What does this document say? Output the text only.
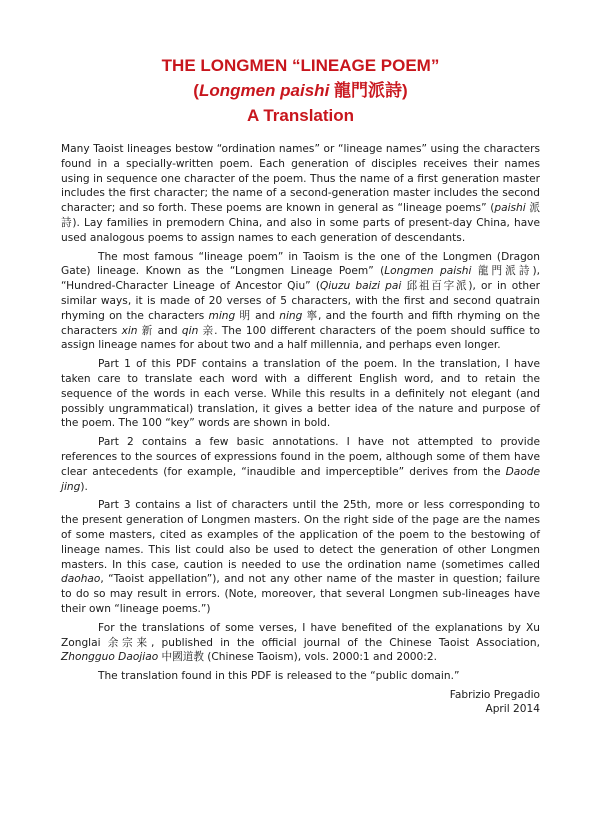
THE LONGMEN “LINEAGE POEM”
(Longmen paishi 龍門派詩)
A Translation

Many Taoist lineages bestow “ordination names” or “lineage names” using the characters found in a specially-written poem. Each generation of disciples receives their names using in sequence one character of the poem. Thus the name of a first generation master includes the first character; the name of a second-generation master includes the second character; and so forth. These poems are known in general as “lineage poems” (paishi 派詩). Lay families in premodern China, and also in some parts of present-day China, have used analogous poems to assign names to each generation of descendants.

The most famous “lineage poem” in Taoism is the one of the Longmen (Dragon Gate) lineage. Known as the “Longmen Lineage Poem” (Longmen paishi 龍門派詩), “Hundred-Character Lineage of Ancestor Qiu” (Qiuzu baizi pai 邱祖百字派), or in other similar ways, it is made of 20 verses of 5 characters, with the first and second quatrain rhyming on the characters ming 明 and ning 寧, and the fourth and fifth rhyming on the characters xin 新 and qin 亲. The 100 different characters of the poem should suffice to assign lineage names for about two and a half millennia, and perhaps even longer.

Part 1 of this PDF contains a translation of the poem. In the translation, I have taken care to translate each word with a different English word, and to retain the sequence of the words in each verse. While this results in a definitely not elegant (and possibly ungrammatical) translation, it gives a better idea of the nature and purpose of the poem. The 100 “key” words are shown in bold.

Part 2 contains a few basic annotations. I have not attempted to provide references to the sources of expressions found in the poem, although some of them have clear antecedents (for example, “inaudible and imperceptible” derives from the Daode jing).

Part 3 contains a list of characters until the 25th, more or less corresponding to the present generation of Longmen masters. On the right side of the page are the names of some masters, cited as examples of the application of the poem to the bestowing of lineage names. This list could also be used to detect the generation of other Longmen masters. In this case, caution is needed to use the ordination name (sometimes called daohao, “Taoist appellation”), and not any other name of the master in question; failure to do so may result in errors. (Note, moreover, that several Longmen sub-lineages have their own “lineage poems.”)

For the translations of some verses, I have benefited of the explanations by Xu Zonglai 余宗来, published in the official journal of the Chinese Taoist Association, Zhongguo Daojiao 中國道教 (Chinese Taoism), vols. 2000:1 and 2000:2.

The translation found in this PDF is released to the “public domain.”

Fabrizio Pregadio
April 2014
